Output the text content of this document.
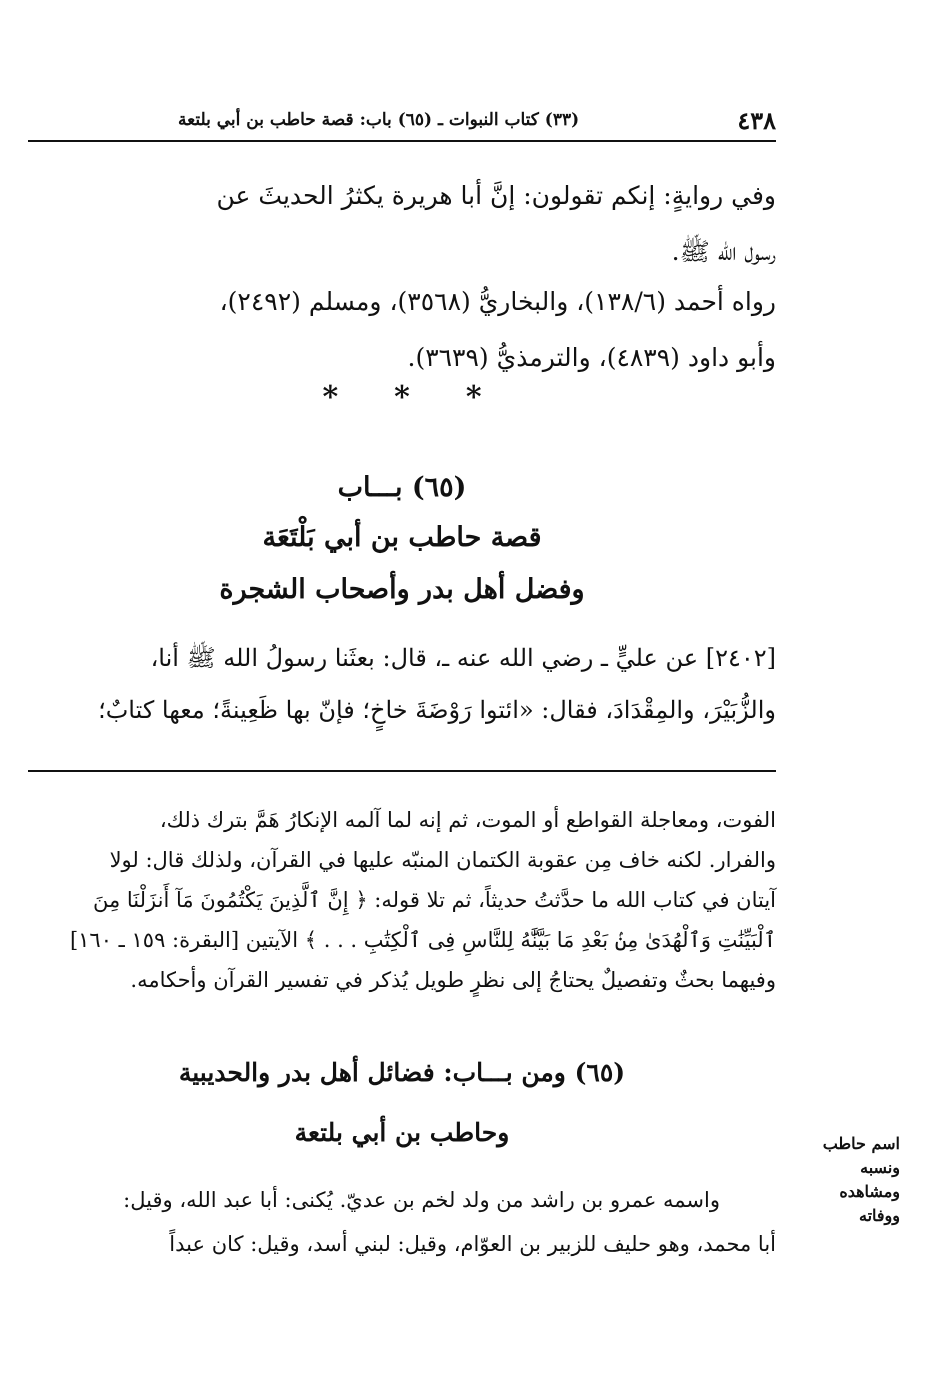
٤٣٨
(٣٣) كتاب النبوات ـ (٦٥) باب: قصة حاطب بن أبي بلتعة
وفي روايةٍ: إنكم تقولون: إنَّ أبا هريرة يكثرُ الحديثَ عن
رسول الله ﷺ.
رواه أحمد (١٣٨/٦)، والبخاريُّ (٣٥٦٨)، ومسلم (٢٤٩٢)،
وأبو داود (٤٨٣٩)، والترمذيُّ (٣٦٣٩).
*
*
*
(٦٥) بـــاب
قصة حاطب بن أبي بَلْتَعَة
وفضل أهل بدر وأصحاب الشجرة
[٢٤٠٢] عن عليٍّ ـ رضي الله عنه ـ، قال: بعثَنا رسولُ الله ﷺ أنا،
والزُّبَيْرَ، والمِقْدَادَ، فقال: «ائتوا رَوْضَةَ خاخٍ؛ فإنّ بها ظَعِينةً؛ معها كتابٌ؛
الفوت، ومعاجلة القواطع أو الموت، ثم إنه لما آلمه الإنكارُ هَمَّ بترك ذلك،
والفرار. لكنه خاف مِن عقوبة الكتمان المنبّه عليها في القرآن، ولذلك قال: لولا
آيتان في كتاب الله ما حدَّثتُ حديثاً، ثم تلا قوله: ﴿ إِنَّ ٱلَّذِينَ يَكْتُمُونَ مَآ أَنزَلْنَا مِنَ
ٱلْبَيِّنَٰتِ وَٱلْهُدَىٰ مِنۢ بَعْدِ مَا بَيَّنَّٰهُ لِلنَّاسِ فِى ٱلْكِتَٰبِ . . . ﴾ الآيتين [البقرة: ١٥٩ ـ ١٦٠]
وفيهما بحثٌ وتفصيلٌ يحتاجُ إلى نظرٍ طويل يُذكر في تفسير القرآن وأحكامه.
(٦٥) ومن بـــاب: فضائل أهل بدر والحديبية
وحاطب بن أبي بلتعة
واسمه عمرو بن راشد من ولد لخم بن عديّ. يُكنى: أبا عبد الله، وقيل:
أبا محمد، وهو حليف للزبير بن العوّام، وقيل: لبني أسد، وقيل: كان عبداً
اسم حاطب
ونسبه
ومشاهده
ووفاته
